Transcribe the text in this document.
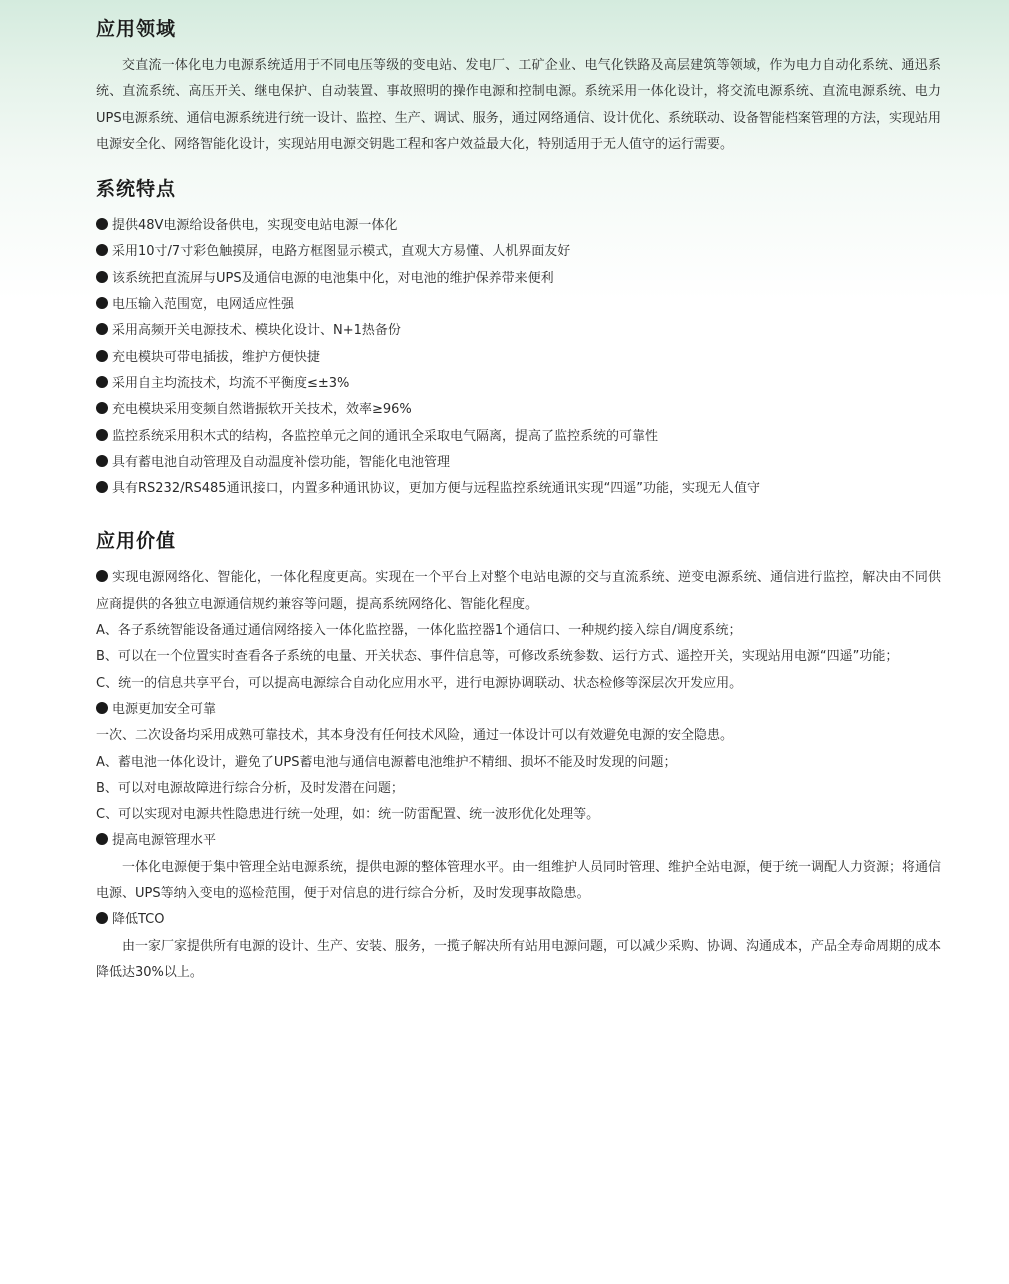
应用领域

交直流一体化电力电源系统适用于不同电压等级的变电站、发电厂、工矿企业、电气化铁路及高层建筑等领域，作为电力自动化系统、通迅系统、直流系统、高压开关、继电保护、自动装置、事故照明的操作电源和控制电源。系统采用一体化设计，将交流电源系统、直流电源系统、电力UPS电源系统、通信电源系统进行统一设计、监控、生产、调试、服务，通过网络通信、设计优化、系统联动、设备智能档案管理的方法，实现站用电源安全化、网络智能化设计，实现站用电源交钥匙工程和客户效益最大化，特别适用于无人值守的运行需要。

系统特点
提供48V电源给设备供电，实现变电站电源一体化
采用10寸/7寸彩色触摸屏，电路方框图显示模式，直观大方易懂、人机界面友好
该系统把直流屏与UPS及通信电源的电池集中化，对电池的维护保养带来便利
电压输入范围宽，电网适应性强
采用高频开关电源技术、模块化设计、N+1热备份
充电模块可带电插拔，维护方便快捷
采用自主均流技术，均流不平衡度≤±3%
充电模块采用变频自然谐振软开关技术，效率≥96%
监控系统采用积木式的结构，各监控单元之间的通讯全采取电气隔离，提高了监控系统的可靠性
具有蓄电池自动管理及自动温度补偿功能，智能化电池管理
具有RS232/RS485通讯接口，内置多种通讯协议，更加方便与远程监控系统通讯实现“四遥”功能，实现无人值守
应用价值

实现电源网络化、智能化，一体化程度更高。实现在一个平台上对整个电站电源的交与直流系统、逆变电源系统、通信进行监控，解决由不同供应商提供的各独立电源通信规约兼容等问题，提高系统网络化、智能化程度。

A、各子系统智能设备通过通信网络接入一体化监控器，一体化监控器1个通信口、一种规约接入综自/调度系统；

B、可以在一个位置实时查看各子系统的电量、开关状态、事件信息等，可修改系统参数、运行方式、遥控开关，实现站用电源“四遥”功能；

C、统一的信息共享平台，可以提高电源综合自动化应用水平，进行电源协调联动、状态检修等深层次开发应用。

电源更加安全可靠

一次、二次设备均采用成熟可靠技术，其本身没有任何技术风险，通过一体设计可以有效避免电源的安全隐患。

A、蓄电池一体化设计，避免了UPS蓄电池与通信电源蓄电池维护不精细、损坏不能及时发现的问题；

B、可以对电源故障进行综合分析，及时发潜在问题；

C、可以实现对电源共性隐患进行统一处理，如：统一防雷配置、统一波形优化处理等。

提高电源管理水平

一体化电源便于集中管理全站电源系统，提供电源的整体管理水平。由一组维护人员同时管理、维护全站电源，便于统一调配人力资源；将通信电源、UPS等纳入变电的巡检范围，便于对信息的进行综合分析，及时发现事故隐患。

降低TCO

由一家厂家提供所有电源的设计、生产、安装、服务，一揽子解决所有站用电源问题，可以减少采购、协调、沟通成本，产品全寿命周期的成本降低达30%以上。
